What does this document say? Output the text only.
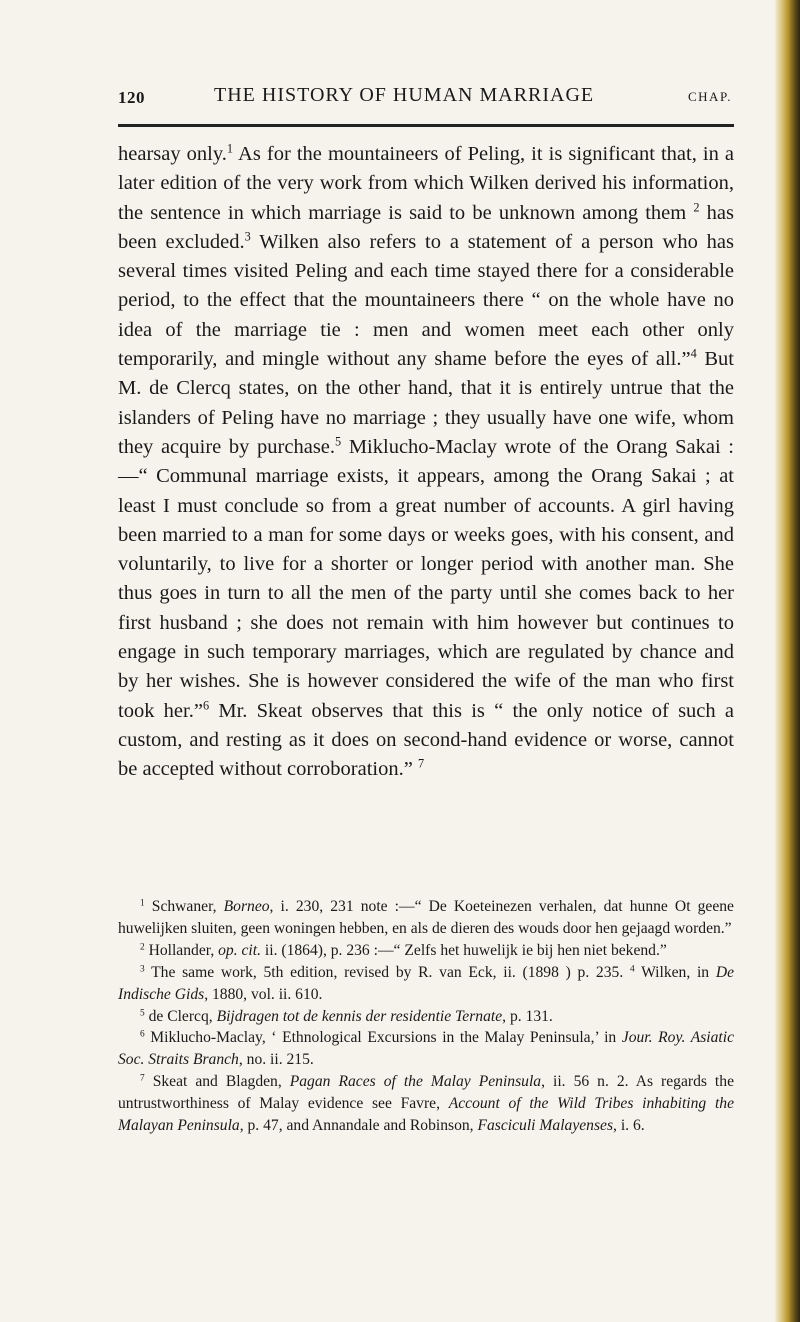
120	THE HISTORY OF HUMAN MARRIAGE	CHAP.

hearsay only.$^1$ As for the mountaineers of Peling, it is significant that, in a later edition of the very work from which Wilken derived his information, the sentence in which marriage is said to be unknown among them $^2$ has been excluded.$^3$ Wilken also refers to a statement of a person who has several times visited Peling and each time stayed there for a considerable period, to the effect that the mountaineers there “ on the whole have no idea of the marriage tie : men and women meet each other only temporarily, and mingle without any shame before the eyes of all.”$^4$ But M. de Clercq states, on the other hand, that it is entirely untrue that the islanders of Peling have no marriage ; they usually have one wife, whom they acquire by purchase.$^5$ Miklucho-Maclay wrote of the Orang Sakai :—“ Communal marriage exists, it appears, among the Orang Sakai ; at least I must conclude so from a great number of accounts. A girl having been married to a man for some days or weeks goes, with his consent, and voluntarily, to live for a shorter or longer period with another man. She thus goes in turn to all the men of the party until she comes back to her first husband ; she does not remain with him however but continues to engage in such temporary marriages, which are regulated by chance and by her wishes. She is however considered the wife of the man who first took her.”$^6$ Mr. Skeat observes that this is “ the only notice of such a custom, and resting as it does on second-hand evidence or worse, cannot be accepted without corroboration.” $^7$

$^1$ Schwaner, Borneo, i. 230, 231 note :—“ De Koeteinezen verhalen, dat hunne Ot geene huwelijken sluiten, geen woningen hebben, en als de dieren des wouds door hen gejaagd worden.”

$^2$ Hollander, op. cit. ii. (1864), p. 236 :—“ Zelfs het huwelijk ie bij hen niet bekend.”

$^3$ The same work, 5th edition, revised by R. van Eck, ii. (1898 ) p. 235. $^4$ Wilken, in De Indische Gids, 1880, vol. ii. 610.

$^5$ de Clercq, Bijdragen tot de kennis der residentie Ternate, p. 131.

$^6$ Miklucho-Maclay, ‘ Ethnological Excursions in the Malay Peninsula,’ in Jour. Roy. Asiatic Soc. Straits Branch, no. ii. 215.

$^7$ Skeat and Blagden, Pagan Races of the Malay Peninsula, ii. 56 n. 2. As regards the untrustworthiness of Malay evidence see Favre, Account of the Wild Tribes inhabiting the Malayan Peninsula, p. 47, and Annandale and Robinson, Fasciculi Malayenses, i. 6.
